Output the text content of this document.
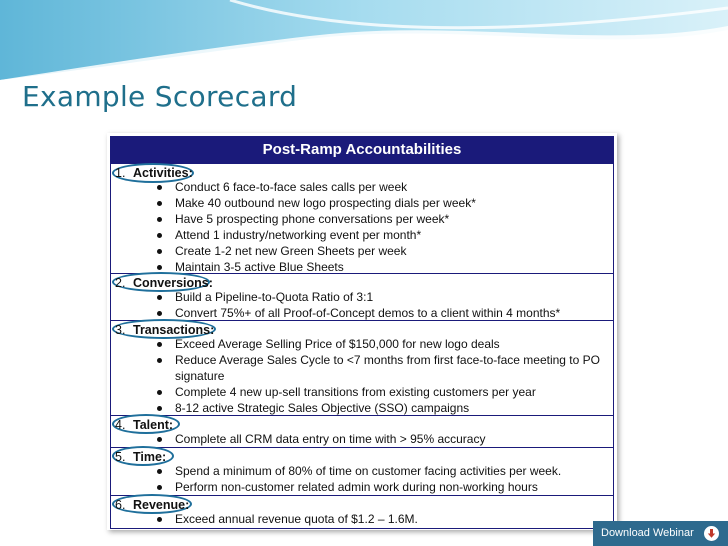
Example Scorecard
Post-Ramp Accountabilities
1. Activities:
Conduct 6 face-to-face sales calls per week
Make 40 outbound new logo prospecting dials per week*
Have 5 prospecting phone conversations per week*
Attend 1 industry/networking event per month*
Create 1-2 net new Green Sheets per week
Maintain 3-5 active Blue Sheets
2. Conversions:
Build a Pipeline-to-Quota Ratio of 3:1
Convert 75%+ of all Proof-of-Concept demos to a client within 4 months*
3. Transactions:
Exceed Average Selling Price of $150,000 for new logo deals
Reduce Average Sales Cycle to <7 months from first face-to-face meeting to PO
signature
Complete 4 new up-sell transitions from existing customers per year
8-12 active Strategic Sales Objective (SSO) campaigns
4. Talent:
Complete all CRM data entry on time with > 95% accuracy
5. Time:
Spend a minimum of 80% of time on customer facing activities per week.
Perform non-customer related admin work during non-working hours
6. Revenue:
Exceed annual revenue quota of $1.2 – 1.6M.
Download Webinar
